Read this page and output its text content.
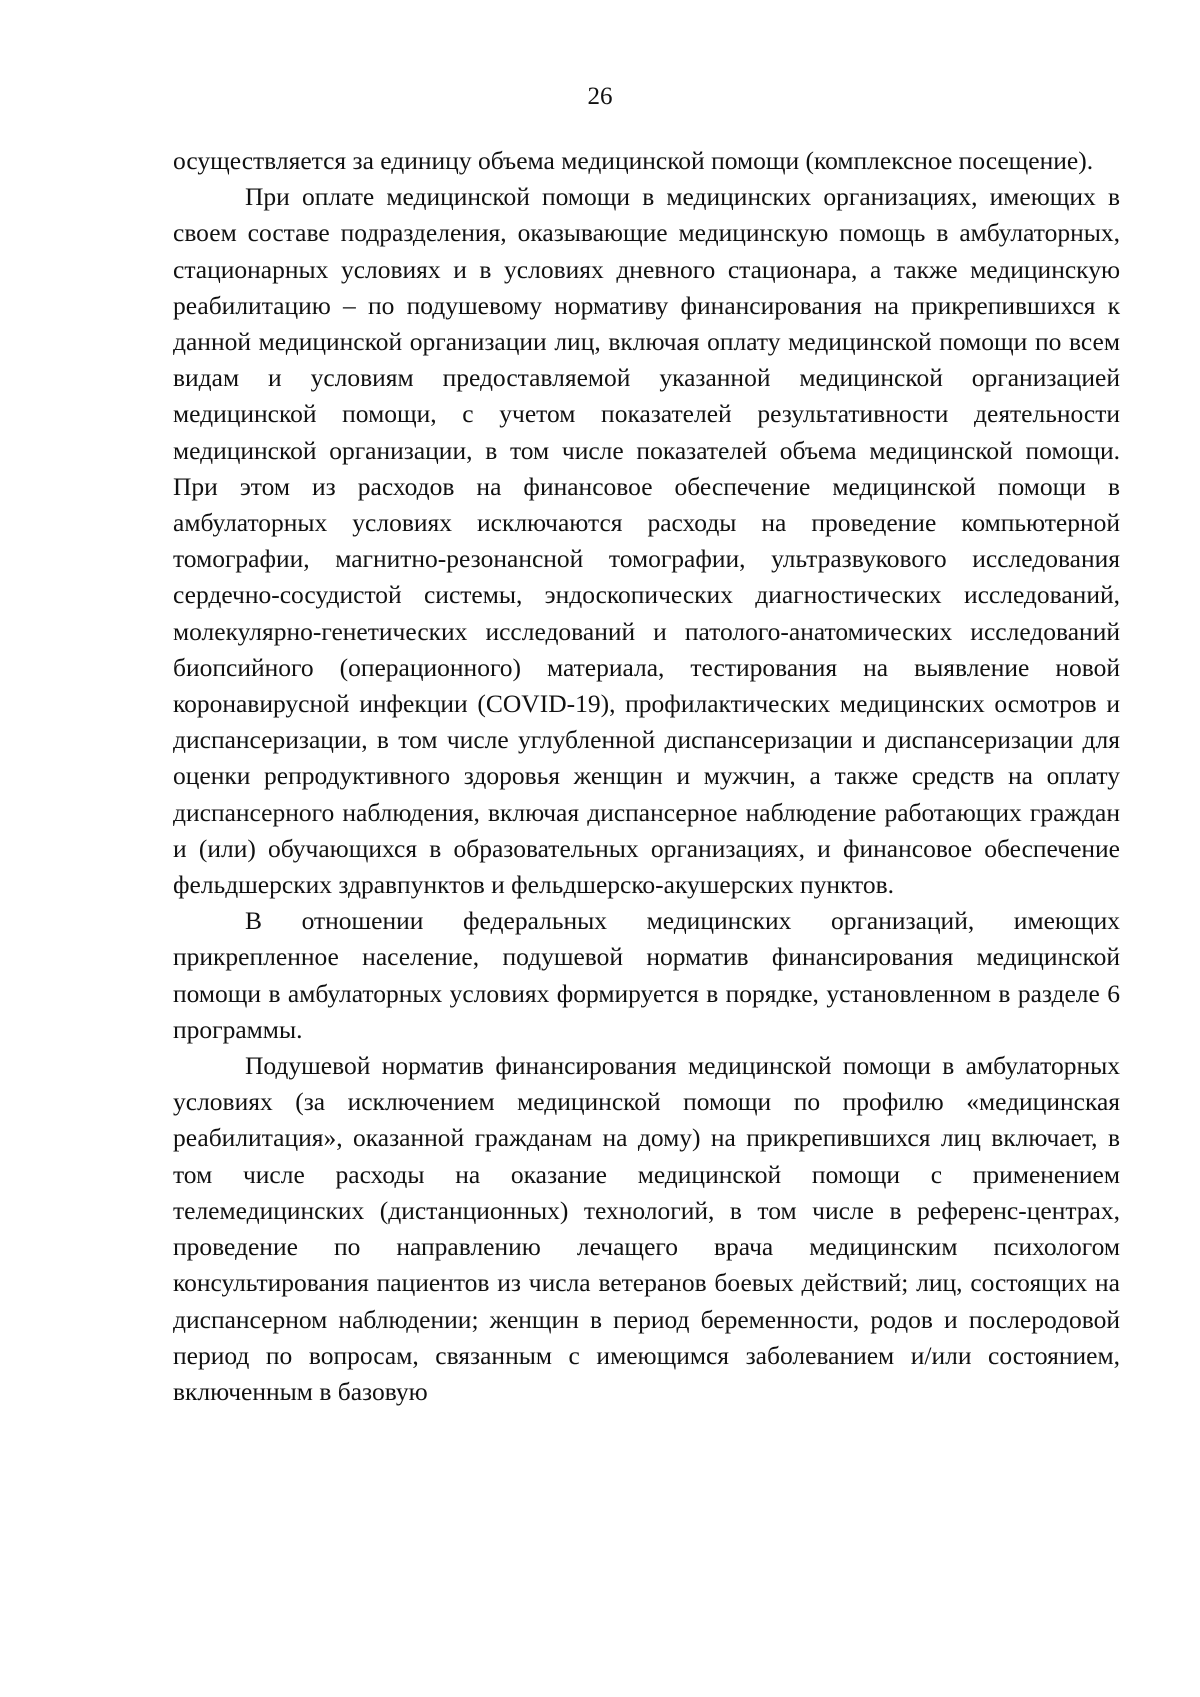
26

осуществляется за единицу объема медицинской помощи (комплексное посещение).

При оплате медицинской помощи в медицинских организациях, имеющих в своем составе подразделения, оказывающие медицинскую помощь в амбулаторных, стационарных условиях и в условиях дневного стационара, а также медицинскую реабилитацию – по подушевому нормативу финансирования на прикрепившихся к данной медицинской организации лиц, включая оплату медицинской помощи по всем видам и условиям предоставляемой указанной медицинской организацией медицинской помощи, с учетом показателей результативности деятельности медицинской организации, в том числе показателей объема медицинской помощи. При этом из расходов на финансовое обеспечение медицинской помощи в амбулаторных условиях исключаются расходы на проведение компьютерной томографии, магнитно-резонансной томографии, ультразвукового исследования сердечно-сосудистой системы, эндоскопических диагностических исследований, молекулярно-генетических исследований и патолого-анатомических исследований биопсийного (операционного) материала, тестирования на выявление новой коронавирусной инфекции (COVID-19), профилактических медицинских осмотров и диспансеризации, в том числе углубленной диспансеризации и диспансеризации для оценки репродуктивного здоровья женщин и мужчин, а также средств на оплату диспансерного наблюдения, включая диспансерное наблюдение работающих граждан и (или) обучающихся в образовательных организациях, и финансовое обеспечение фельдшерских здравпунктов и фельдшерско-акушерских пунктов.

В отношении федеральных медицинских организаций, имеющих прикрепленное население, подушевой норматив финансирования медицинской помощи в амбулаторных условиях формируется в порядке, установленном в разделе 6 программы.

Подушевой норматив финансирования медицинской помощи в амбулаторных условиях (за исключением медицинской помощи по профилю «медицинская реабилитация», оказанной гражданам на дому) на прикрепившихся лиц включает, в том числе расходы на оказание медицинской помощи с применением телемедицинских (дистанционных) технологий, в том числе в референс-центрах, проведение по направлению лечащего врача медицинским психологом консультирования пациентов из числа ветеранов боевых действий; лиц, состоящих на диспансерном наблюдении; женщин в период беременности, родов и послеродовой период по вопросам, связанным с имеющимся заболеванием и/или состоянием, включенным в базовую
